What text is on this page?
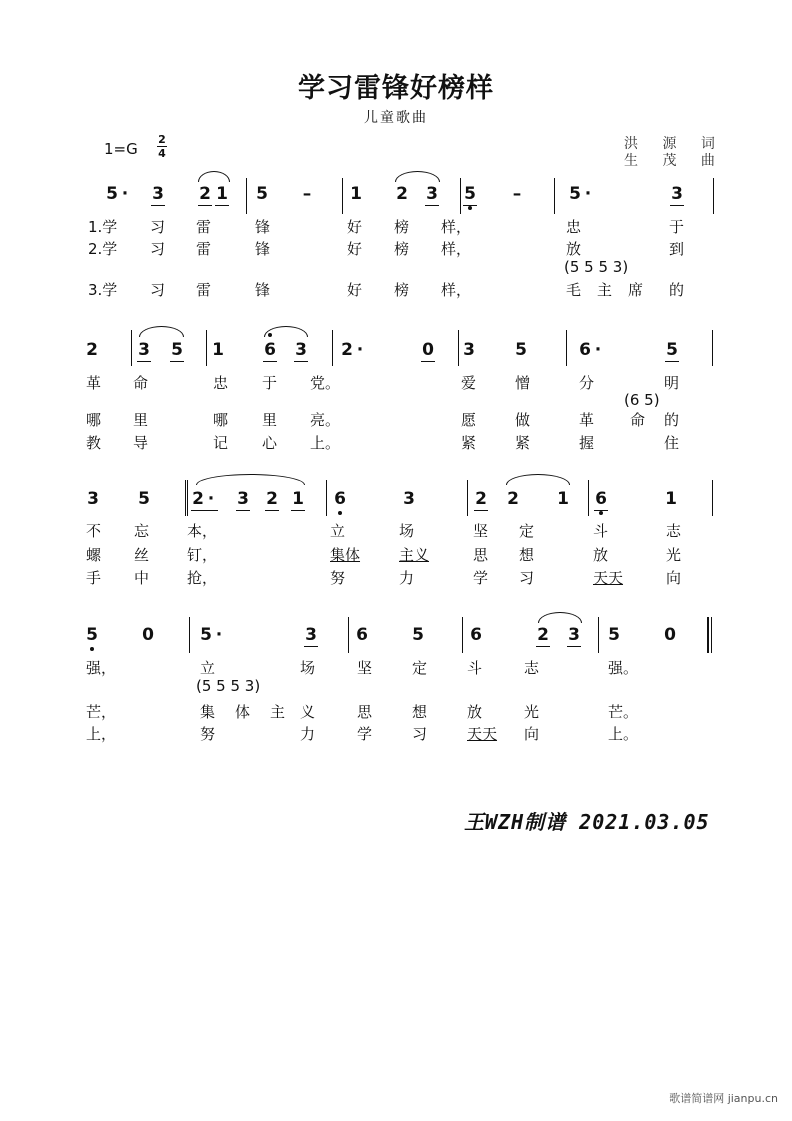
学习雷锋好榜样
儿童歌曲
洪 源 词
生 茂 曲
1=G
2
4
5 · 3 2 1 5 – 1 2 3 5 –	5 ·	3
1.学 习 雷	锋	好 榜 样，	忠	于
2.学 习 雷	锋	好 榜 样，	放	到
(5 5 5 3)
3.学 习 雷	锋	好 榜 样，	毛 主 席 的
2 3 5 1 6 3 2 ·	0 3 5	6 ·	5
革 命	忠 于 党。	爱	憎	分	明
(6 5)
哪 里	哪 里 亮。	愿	做	革 命 的
教 导	记 心 上。	紧	紧	握	住
3 5 2 · 3 2 1 6	3	2 2 1 6	1
不 忘	本，	立	场	坚 定	斗	志
螺 丝	钉，	集体	主义	思 想	放	光
手 中	抢，	努	力	学 习	天天	向
5	0	5 ·	3 6	5	6	2 3 5	0
强，	立	场	坚	定	斗	志	强。
(5 5 5 3)
芒，	集 体 主 义	思	想	放	光	芒。
上，	努	力	学	习	天天 向	上。
王WZH制谱 2021.03.05
歌谱简谱网 jianpu.cn
